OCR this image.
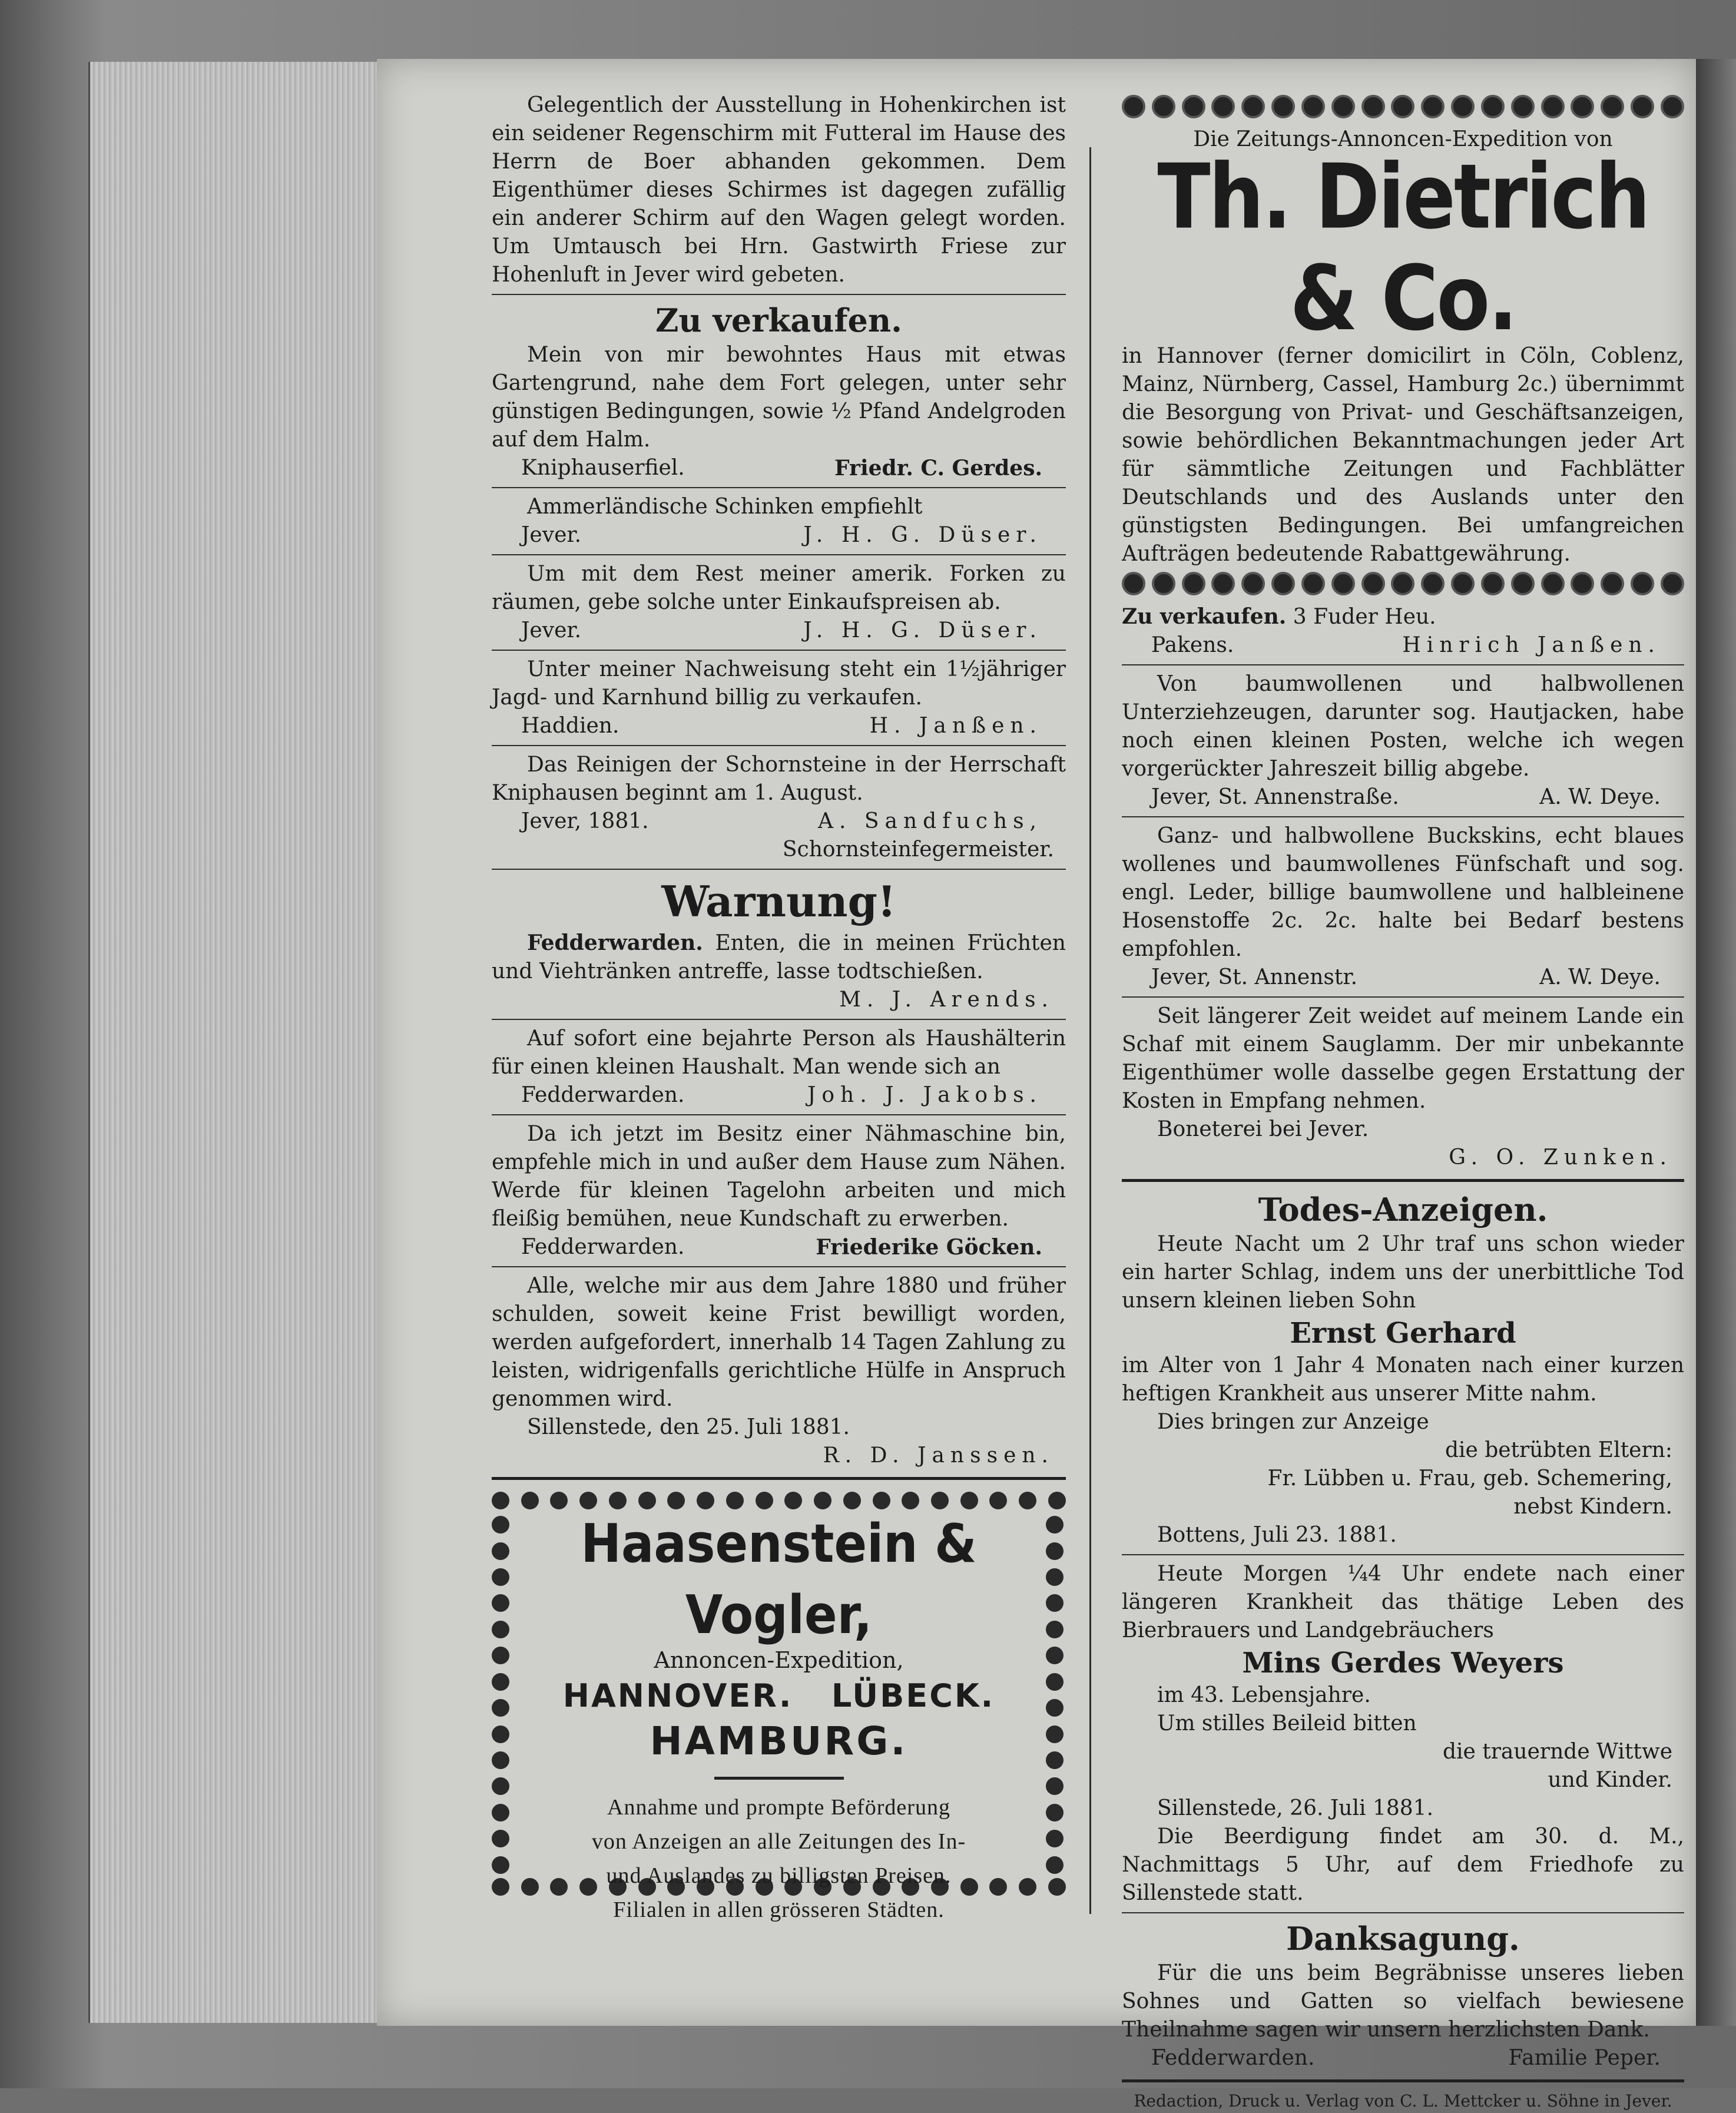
Gelegentlich der Ausstellung in Hohenkirchen ist ein seidener Regenschirm mit Futteral im Hause des Herrn de Boer abhanden gekommen. Dem Eigenthümer dieses Schirmes ist dagegen zufällig ein anderer Schirm auf den Wagen gelegt worden. Um Umtausch bei Hrn. Gastwirth Friese zur Hohenluft in Jever wird gebeten.

Zu verkaufen.

Mein von mir bewohntes Haus mit etwas Gartengrund, nahe dem Fort gelegen, unter sehr günstigen Bedingungen, sowie ½ Pfand Andelgroden auf dem Halm.

Kniphauserfiel.	Friedr. C. Gerdes.

Ammerländische Schinken empfiehlt

Jever.	J. H. G. Düser.

Um mit dem Rest meiner amerik. Forken zu räumen, gebe solche unter Einkaufspreisen ab.

Jever.	J. H. G. Düser.

Unter meiner Nachweisung steht ein 1½jähriger Jagd- und Karnhund billig zu verkaufen.

Haddien.	H. Janßen.

Das Reinigen der Schornsteine in der Herrschaft Kniphausen beginnt am 1. August.

Jever, 1881.	A. Sandfuchs,

Schornsteinfegermeister.

Warnung!

Fedderwarden. Enten, die in meinen Früchten und Viehtränken antreffe, lasse todtschießen.

M. J. Arends.

Auf sofort eine bejahrte Person als Haushälterin für einen kleinen Haushalt. Man wende sich an

Fedderwarden.	Joh. J. Jakobs.

Da ich jetzt im Besitz einer Nähmaschine bin, empfehle mich in und außer dem Hause zum Nähen. Werde für kleinen Tagelohn arbeiten und mich fleißig bemühen, neue Kundschaft zu erwerben.

Fedderwarden.	Friederike Göcken.

Alle, welche mir aus dem Jahre 1880 und früher schulden, soweit keine Frist bewilligt worden, werden aufgefordert, innerhalb 14 Tagen Zahlung zu leisten, widrigenfalls gerichtliche Hülfe in Anspruch genommen wird.

Sillenstede, den 25. Juli 1881.

R. D. Janssen.

Haasenstein & Vogler,

Annoncen-Expedition,

HANNOVER. LÜBECK.

HAMBURG.

Annahme und prompte Beförderung

von Anzeigen an alle Zeitungen des In-

und Auslandes zu billigsten Preisen.

Filialen in allen grösseren Städten.

Die Zeitungs-Annoncen-Expedition von

Th. Dietrich & Co.

in Hannover (ferner domicilirt in Cöln, Coblenz, Mainz, Nürnberg, Cassel, Hamburg 2c.) übernimmt die Besorgung von Privat- und Geschäftsanzeigen, sowie behördlichen Bekanntmachungen jeder Art für sämmtliche Zeitungen und Fachblätter Deutschlands und des Auslands unter den günstigsten Bedingungen. Bei umfangreichen Aufträgen bedeutende Rabattgewährung.

Zu verkaufen. 3 Fuder Heu.

Pakens.	Hinrich Janßen.

Von baumwollenen und halbwollenen Unterziehzeugen, darunter sog. Hautjacken, habe noch einen kleinen Posten, welche ich wegen vorgerückter Jahreszeit billig abgebe.

Jever, St. Annenstraße.	A. W. Deye.

Ganz- und halbwollene Buckskins, echt blaues wollenes und baumwollenes Fünfschaft und sog. engl. Leder, billige baumwollene und halbleinene Hosenstoffe 2c. 2c. halte bei Bedarf bestens empfohlen.

Jever, St. Annenstr.	A. W. Deye.

Seit längerer Zeit weidet auf meinem Lande ein Schaf mit einem Sauglamm. Der mir unbekannte Eigenthümer wolle dasselbe gegen Erstattung der Kosten in Empfang nehmen.

Boneterei bei Jever.

G. O. Zunken.

Todes-Anzeigen.

Heute Nacht um 2 Uhr traf uns schon wieder ein harter Schlag, indem uns der unerbittliche Tod unsern kleinen lieben Sohn

Ernst Gerhard

im Alter von 1 Jahr 4 Monaten nach einer kurzen heftigen Krankheit aus unserer Mitte nahm.

Dies bringen zur Anzeige

die betrübten Eltern:

Fr. Lübben u. Frau, geb. Schemering,

nebst Kindern.

Bottens, Juli 23. 1881.

Heute Morgen ¼4 Uhr endete nach einer längeren Krankheit das thätige Leben des Bierbrauers und Landgebräuchers

Mins Gerdes Weyers

im 43. Lebensjahre.

Um stilles Beileid bitten

die trauernde Wittwe

und Kinder.

Sillenstede, 26. Juli 1881.

Die Beerdigung findet am 30. d. M., Nachmittags 5 Uhr, auf dem Friedhofe zu Sillenstede statt.

Danksagung.

Für die uns beim Begräbnisse unseres lieben Sohnes und Gatten so vielfach bewiesene Theilnahme sagen wir unsern herzlichsten Dank.

Fedderwarden.	Familie Peper.

Redaction, Druck u. Verlag von C. L. Mettcker u. Söhne in Jever.
